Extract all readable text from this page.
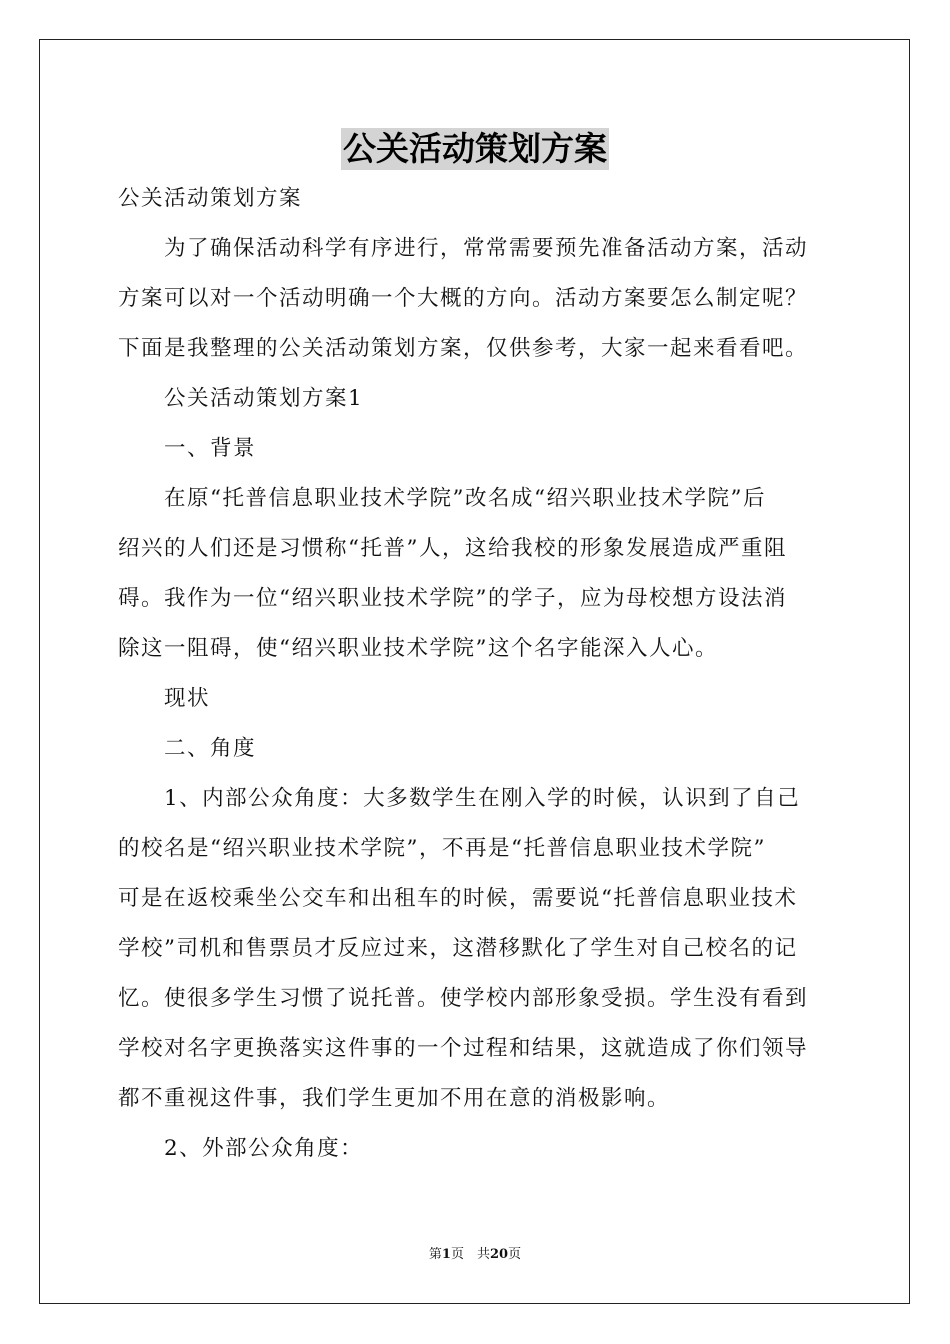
公关活动策划方案
公关活动策划方案
为了确保活动科学有序进行，常常需要预先准备活动方案，活动
方案可以对一个活动明确一个大概的方向。活动方案要怎么制定呢？
下面是我整理的公关活动策划方案，仅供参考，大家一起来看看吧。
公关活动策划方案1
一、背景
在原“托普信息职业技术学院”改名成“绍兴职业技术学院”后
绍兴的人们还是习惯称“托普”人，这给我校的形象发展造成严重阻
碍。我作为一位“绍兴职业技术学院”的学子，应为母校想方设法消
除这一阻碍，使“绍兴职业技术学院”这个名字能深入人心。
现状
二、角度
1、内部公众角度：大多数学生在刚入学的时候，认识到了自己
的校名是“绍兴职业技术学院”，不再是“托普信息职业技术学院”
可是在返校乘坐公交车和出租车的时候，需要说“托普信息职业技术
学校”司机和售票员才反应过来，这潜移默化了学生对自己校名的记
忆。使很多学生习惯了说托普。使学校内部形象受损。学生没有看到
学校对名字更换落实这件事的一个过程和结果，这就造成了你们领导
都不重视这件事，我们学生更加不用在意的消极影响。
2、外部公众角度：
第1页　共20页
